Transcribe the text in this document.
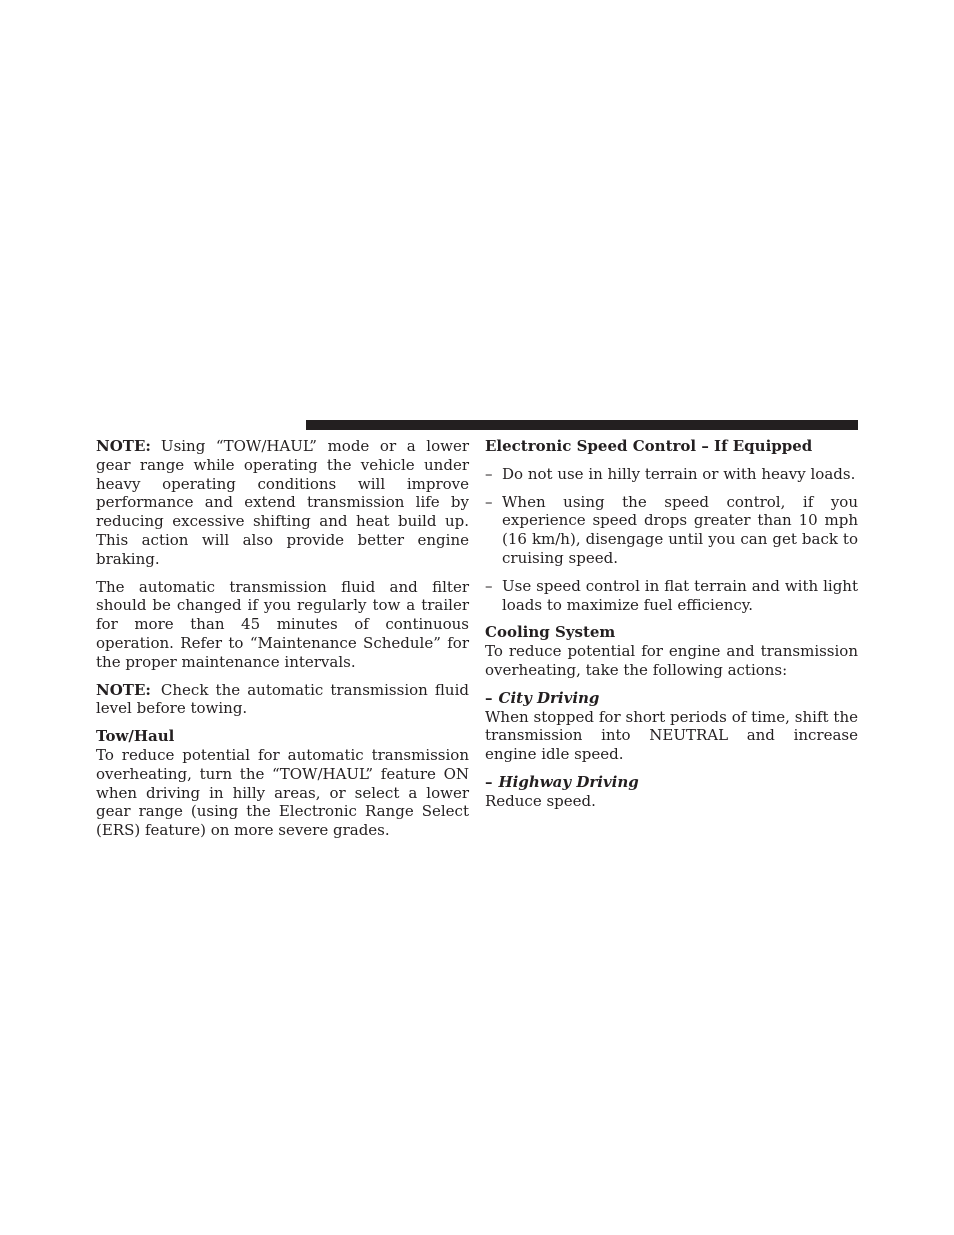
NOTE: Using “TOW/HAUL” mode or a lower gear range while operating the vehicle under heavy operating conditions will improve performance and extend transmission life by reducing excessive shifting and heat build up. This action will also provide better engine braking.

The automatic transmission fluid and filter should be changed if you regularly tow a trailer for more than 45 minutes of continuous operation. Refer to “Maintenance Schedule” for the proper maintenance intervals.

NOTE: Check the automatic transmission fluid level before towing.

Tow/Haul

To reduce potential for automatic transmission overheating, turn the “TOW/HAUL” feature ON when driving in hilly areas, or select a lower gear range (using the Electronic Range Select (ERS) feature) on more severe grades.

Electronic Speed Control – If Equipped
– Do not use in hilly terrain or with heavy loads.
– When using the speed control, if you experience speed drops greater than 10 mph (16 km/h), disengage until you can get back to cruising speed.
– Use speed control in flat terrain and with light loads to maximize fuel efficiency.
Cooling System

To reduce potential for engine and transmission overheating, take the following actions:

– City Driving

When stopped for short periods of time, shift the transmission into NEUTRAL and increase engine idle speed.

– Highway Driving

Reduce speed.
